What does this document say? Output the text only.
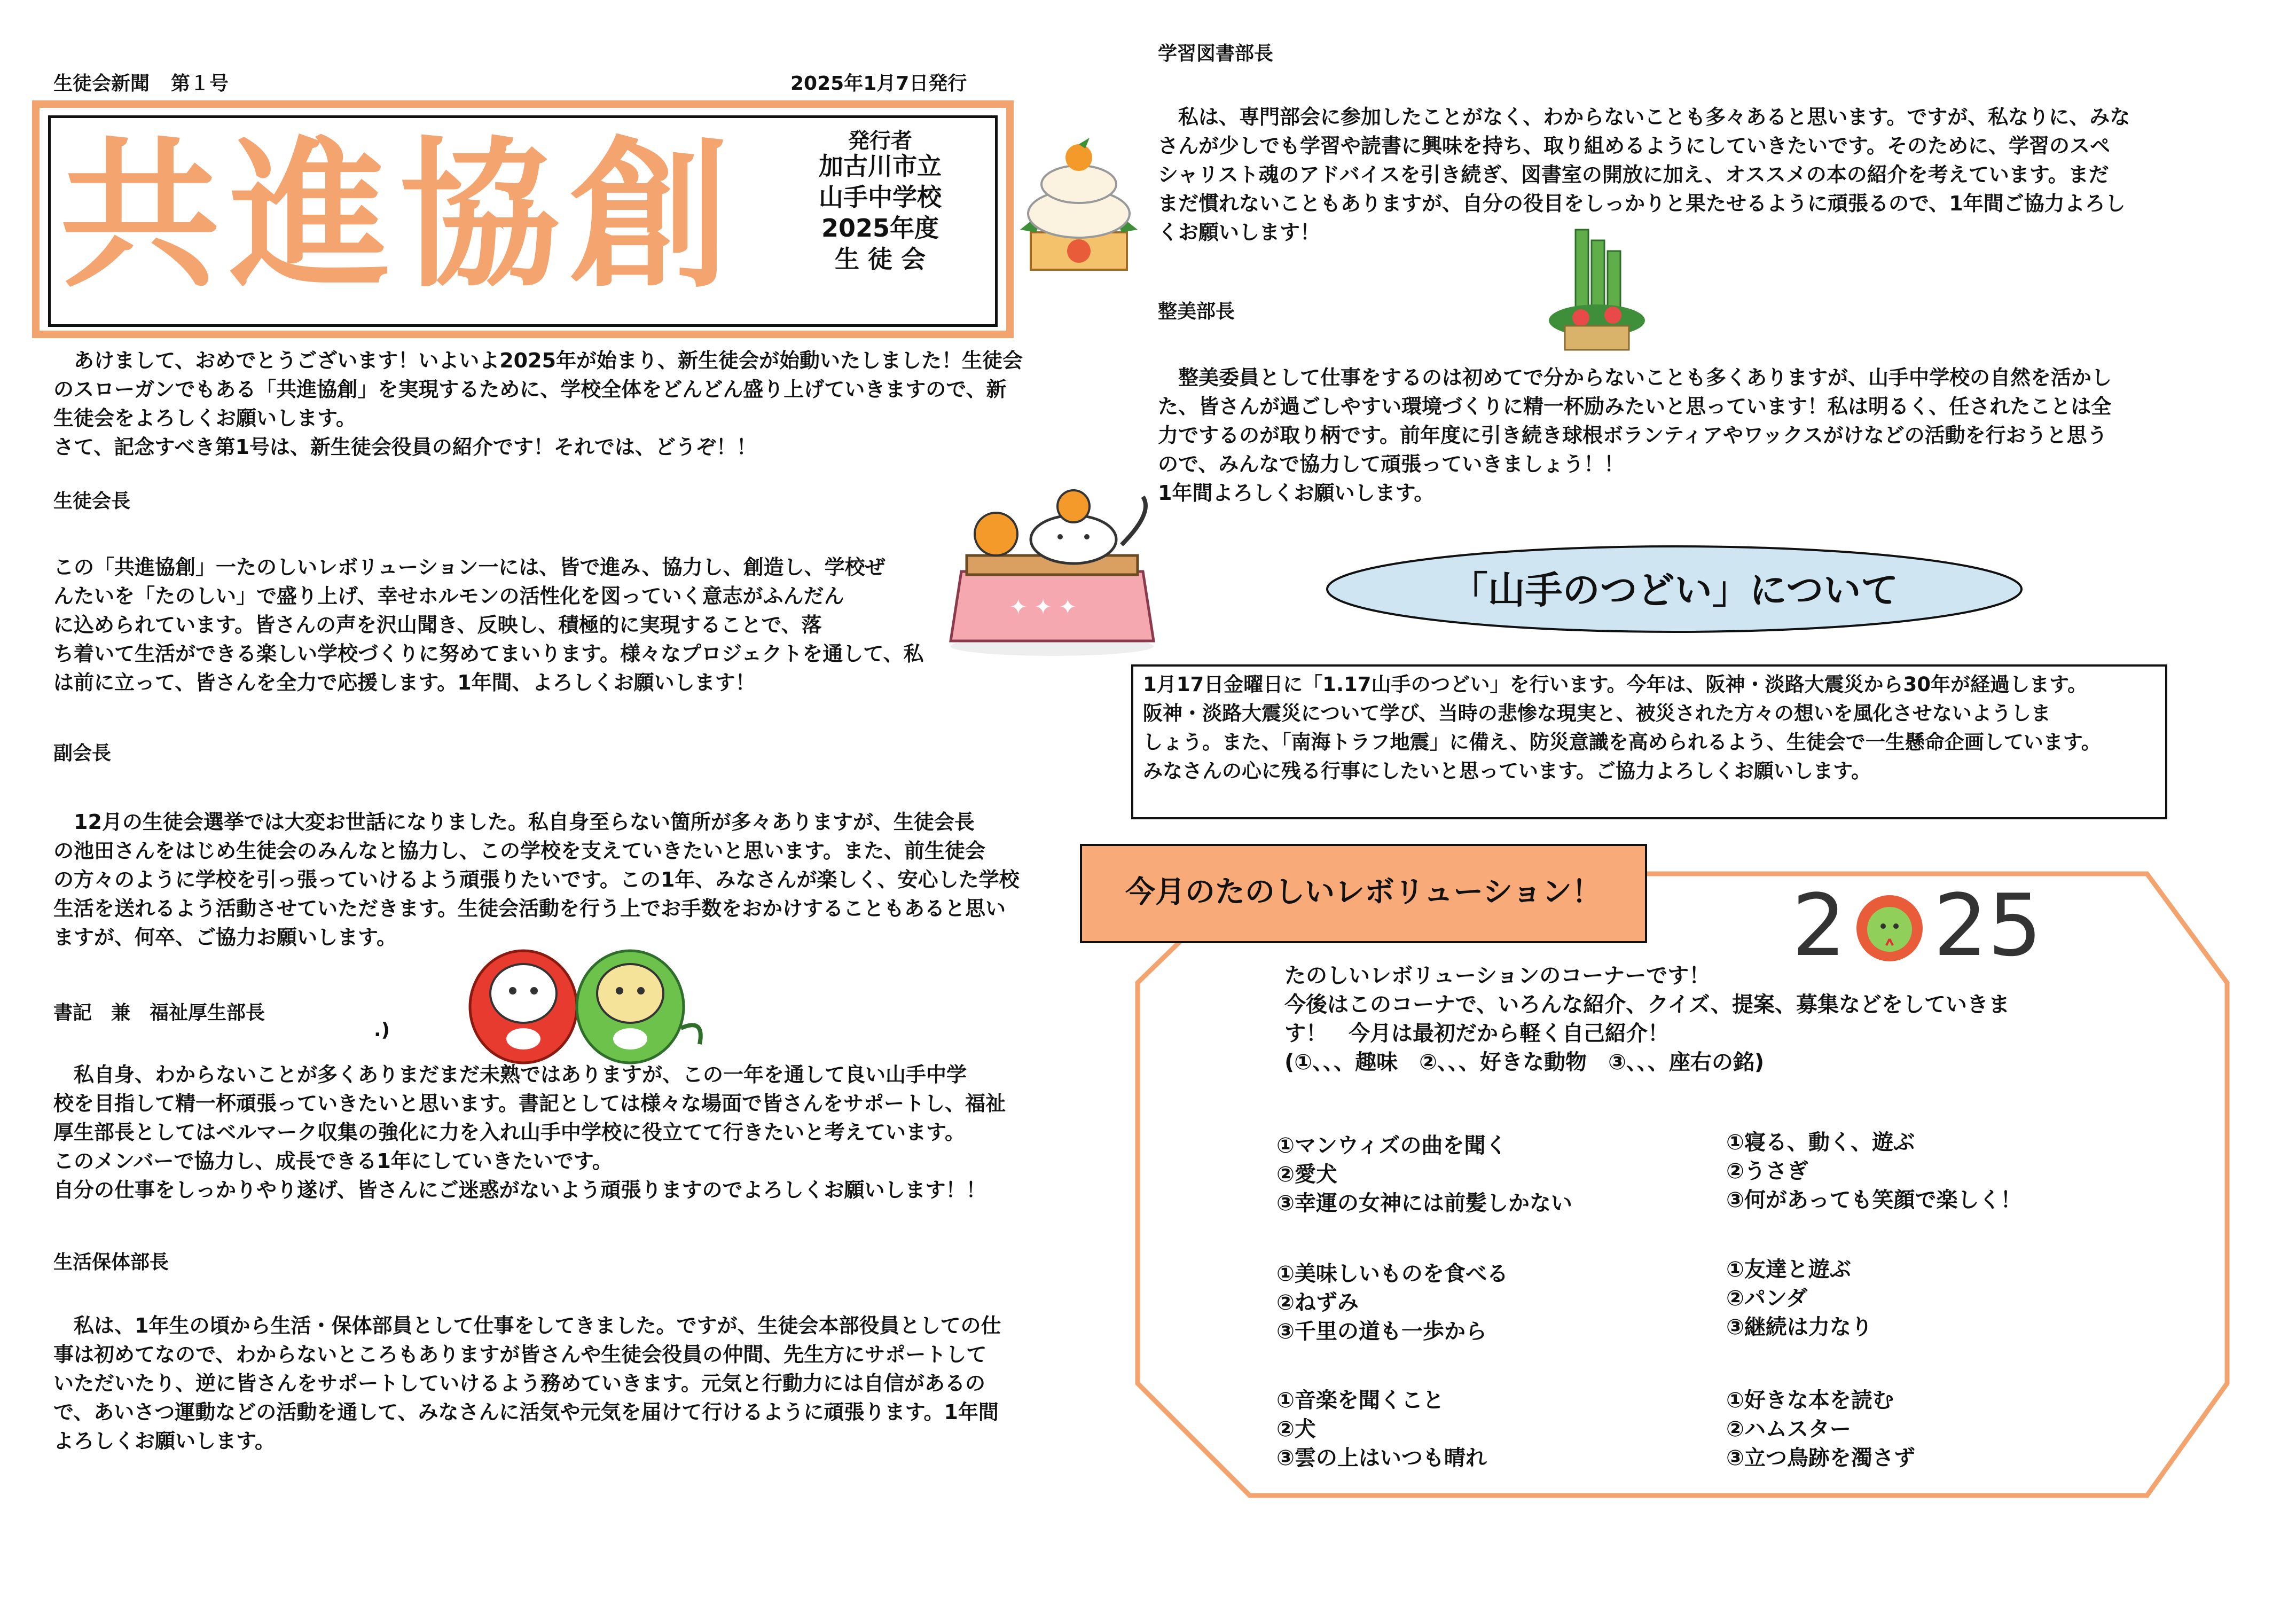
生徒会新聞 第１号	2025年1月7日発行
共進協創	発行者
加古川市立
山手中学校
2025年度
生 徒 会
　あけまして、おめでとうございます！いよいよ2025年が始まり、新生徒会が始動いたしました！生徒会
のスローガンでもある「共進協創」を実現するために、学校全体をどんどん盛り上げていきますので、新
生徒会をよろしくお願いします。
さて、記念すべき第1号は、新生徒会役員の紹介です！それでは、どうぞ！！
生徒会長
この「共進協創」一たのしいレボリューション一には、皆で進み、協力し、創造し、学校ぜ
んたいを「たのしい」で盛り上げ、幸せホルモンの活性化を図っていく意志がふんだん
に込められています。皆さんの声を沢山聞き、反映し、積極的に実現することで、落
ち着いて生活ができる楽しい学校づくりに努めてまいります。様々なプロジェクトを通して、私
は前に立って、皆さんを全力で応援します。1年間、よろしくお願いします！
✦ ✦ ✦
副会長
　12月の生徒会選挙では大変お世話になりました。私自身至らない箇所が多々ありますが、生徒会長
の池田さんをはじめ生徒会のみんなと協力し、この学校を支えていきたいと思います。また、前生徒会
の方々のように学校を引っ張っていけるよう頑張りたいです。この1年、みなさんが楽しく、安心した学校
生活を送れるよう活動させていただきます。生徒会活動を行う上でお手数をおかけすることもあると思い
ますが、何卒、ご協力お願いします。
書記　兼　福祉厚生部長
.)
　私自身、わからないことが多くありまだまだ未熟ではありますが、この一年を通して良い山手中学
校を目指して精一杯頑張っていきたいと思います。書記としては様々な場面で皆さんをサポートし、福祉
厚生部長としてはベルマーク収集の強化に力を入れ山手中学校に役立てて行きたいと考えています。
このメンバーで協力し、成長できる1年にしていきたいです。
自分の仕事をしっかりやり遂げ、皆さんにご迷惑がないよう頑張りますのでよろしくお願いします！！
生活保体部長
　私は、1年生の頃から生活・保体部員として仕事をしてきました。ですが、生徒会本部役員としての仕
事は初めてなので、わからないところもありますが皆さんや生徒会役員の仲間、先生方にサポートして
いただいたり、逆に皆さんをサポートしていけるよう務めていきます。元気と行動力には自信があるの
で、あいさつ運動などの活動を通して、みなさんに活気や元気を届けて行けるように頑張ります。1年間
よろしくお願いします。
学習図書部長
　私は、専門部会に参加したことがなく、わからないことも多々あると思います。ですが、私なりに、みな
さんが少しでも学習や読書に興味を持ち、取り組めるようにしていきたいです。そのために、学習のスペ
シャリスト魂のアドバイスを引き続ぎ、図書室の開放に加え、オススメの本の紹介を考えています。まだ
まだ慣れないこともありますが、自分の役目をしっかりと果たせるように頑張るので、1年間ご協力よろし
くお願いします！
整美部長
　整美委員として仕事をするのは初めてで分からないことも多くありますが、山手中学校の自然を活かし
た、皆さんが過ごしやすい環境づくりに精一杯励みたいと思っています！私は明るく、任されたことは全
力でするのが取り柄です。前年度に引き続き球根ボランティアやワックスがけなどの活動を行おうと思う
ので、みんなで協力して頑張っていきましょう！！
1年間よろしくお願いします。
「山手のつどい」について
1月17日金曜日に「1.17山手のつどい」を行います。今年は、阪神・淡路大震災から30年が経過します。
阪神・淡路大震災について学び、当時の悲惨な現実と、被災された方々の想いを風化させないようしま
しょう。また、「南海トラフ地震」に備え、防災意識を高められるよう、生徒会で一生懸命企画しています。
みなさんの心に残る行事にしたいと思っています。ご協力よろしくお願いします。
今月のたのしいレボリューション！	2 25
たのしいレボリューションのコーナーです！
今後はこのコーナで、いろんな紹介、クイズ、提案、募集などをしていきま
す！　今月は最初だから軽く自己紹介！
(①、、、趣味　②、、、好きな動物　③、、、座右の銘)
①マンウィズの曲を聞く
②愛犬
③幸運の女神には前髪しかない
①寝る、動く、遊ぶ
②うさぎ
③何があっても笑顔で楽しく！
①美味しいものを食べる
②ねずみ
③千里の道も一歩から
①友達と遊ぶ
②パンダ
③継続は力なり
①音楽を聞くこと
②犬
③雲の上はいつも晴れ
①好きな本を読む
②ハムスター
③立つ鳥跡を濁さず
